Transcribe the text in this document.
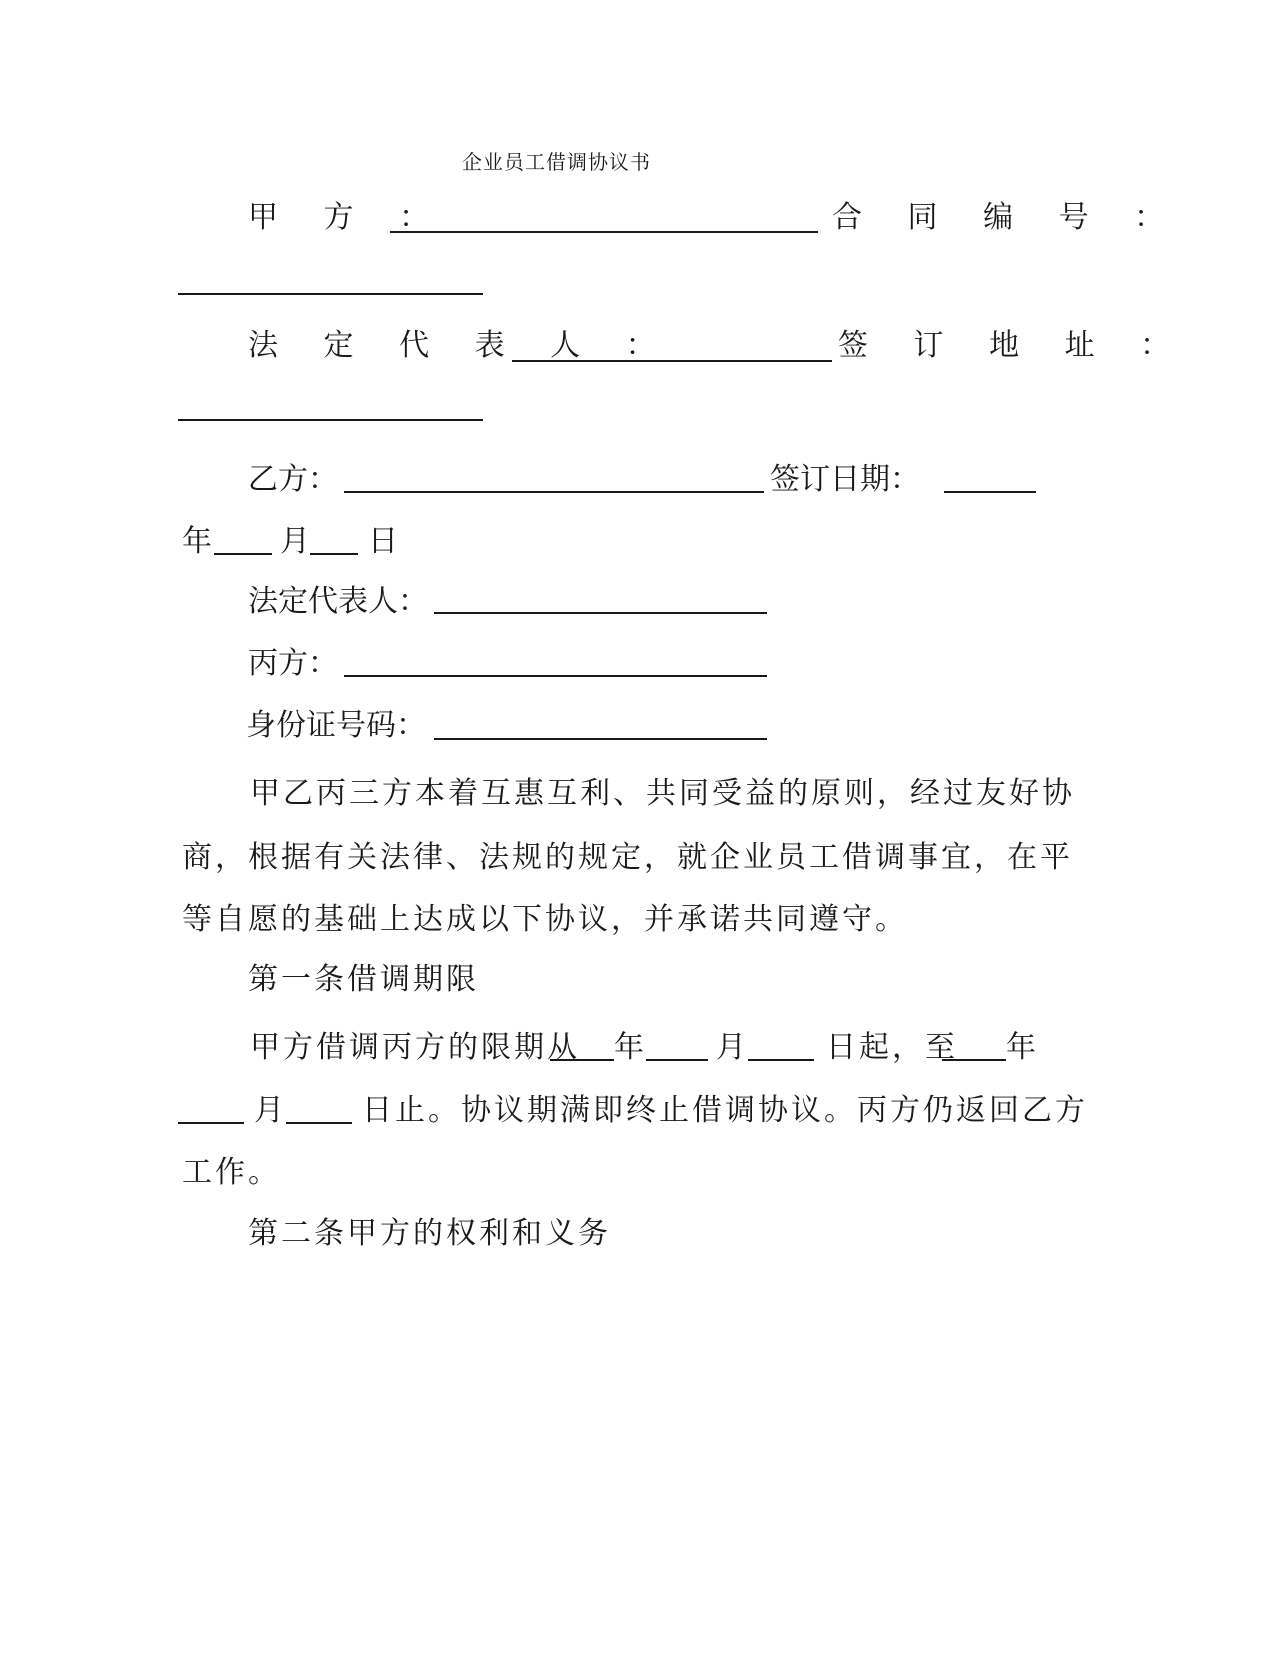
企业员工借调协议书
甲 方 ：	合 同 编 号 ：
法 定 代 表 人 ：	签 订 地 址 ：
乙方：	签订日期：
年 月 日
法定代表人：
丙方：
身份证号码：
甲乙丙三方本着互惠互利、共同受益的原则，经过友好协
商，根据有关法律、法规的规定，就企业员工借调事宜，在平
等自愿的基础上达成以下协议，并承诺共同遵守。
第一条借调期限
甲方借调丙方的限期从 年 月	日起，至 年
月	日止。协议期满即终止借调协议。丙方仍返回乙方
工作。
第二条甲方的权利和义务
